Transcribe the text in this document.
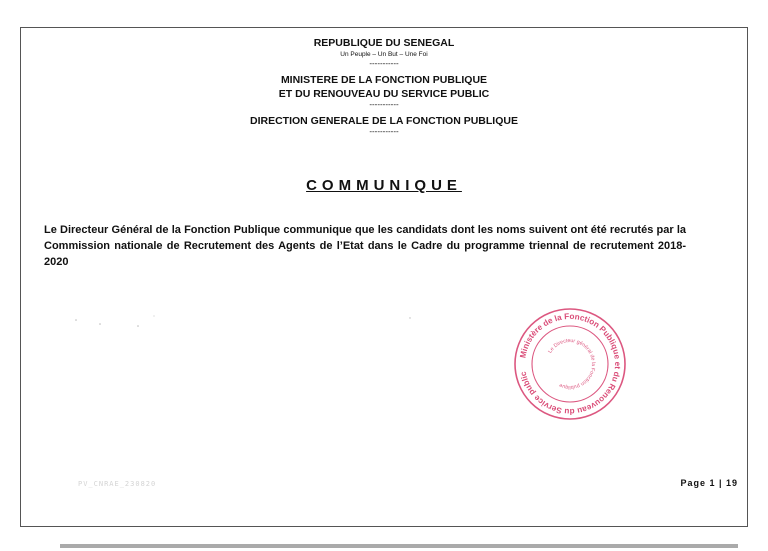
REPUBLIQUE DU SENEGAL
Un Peuple – Un But – Une Foi
-----------
MINISTERE DE LA FONCTION PUBLIQUE
ET DU RENOUVEAU DU SERVICE PUBLIC
-----------
DIRECTION GENERALE DE LA FONCTION PUBLIQUE
-----------
COMMUNIQUE
Le Directeur Général de la Fonction Publique communique que les candidats dont les noms suivent ont été recrutés par la Commission nationale de Recrutement des Agents de l’Etat dans le Cadre du programme triennal de recrutement 2018-2020
Ministère de la Fonction Publique et du Renouveau du Service public
Le Directeur général de la Fonction publique
PV_CNRAE_230820	Page 1 | 19
